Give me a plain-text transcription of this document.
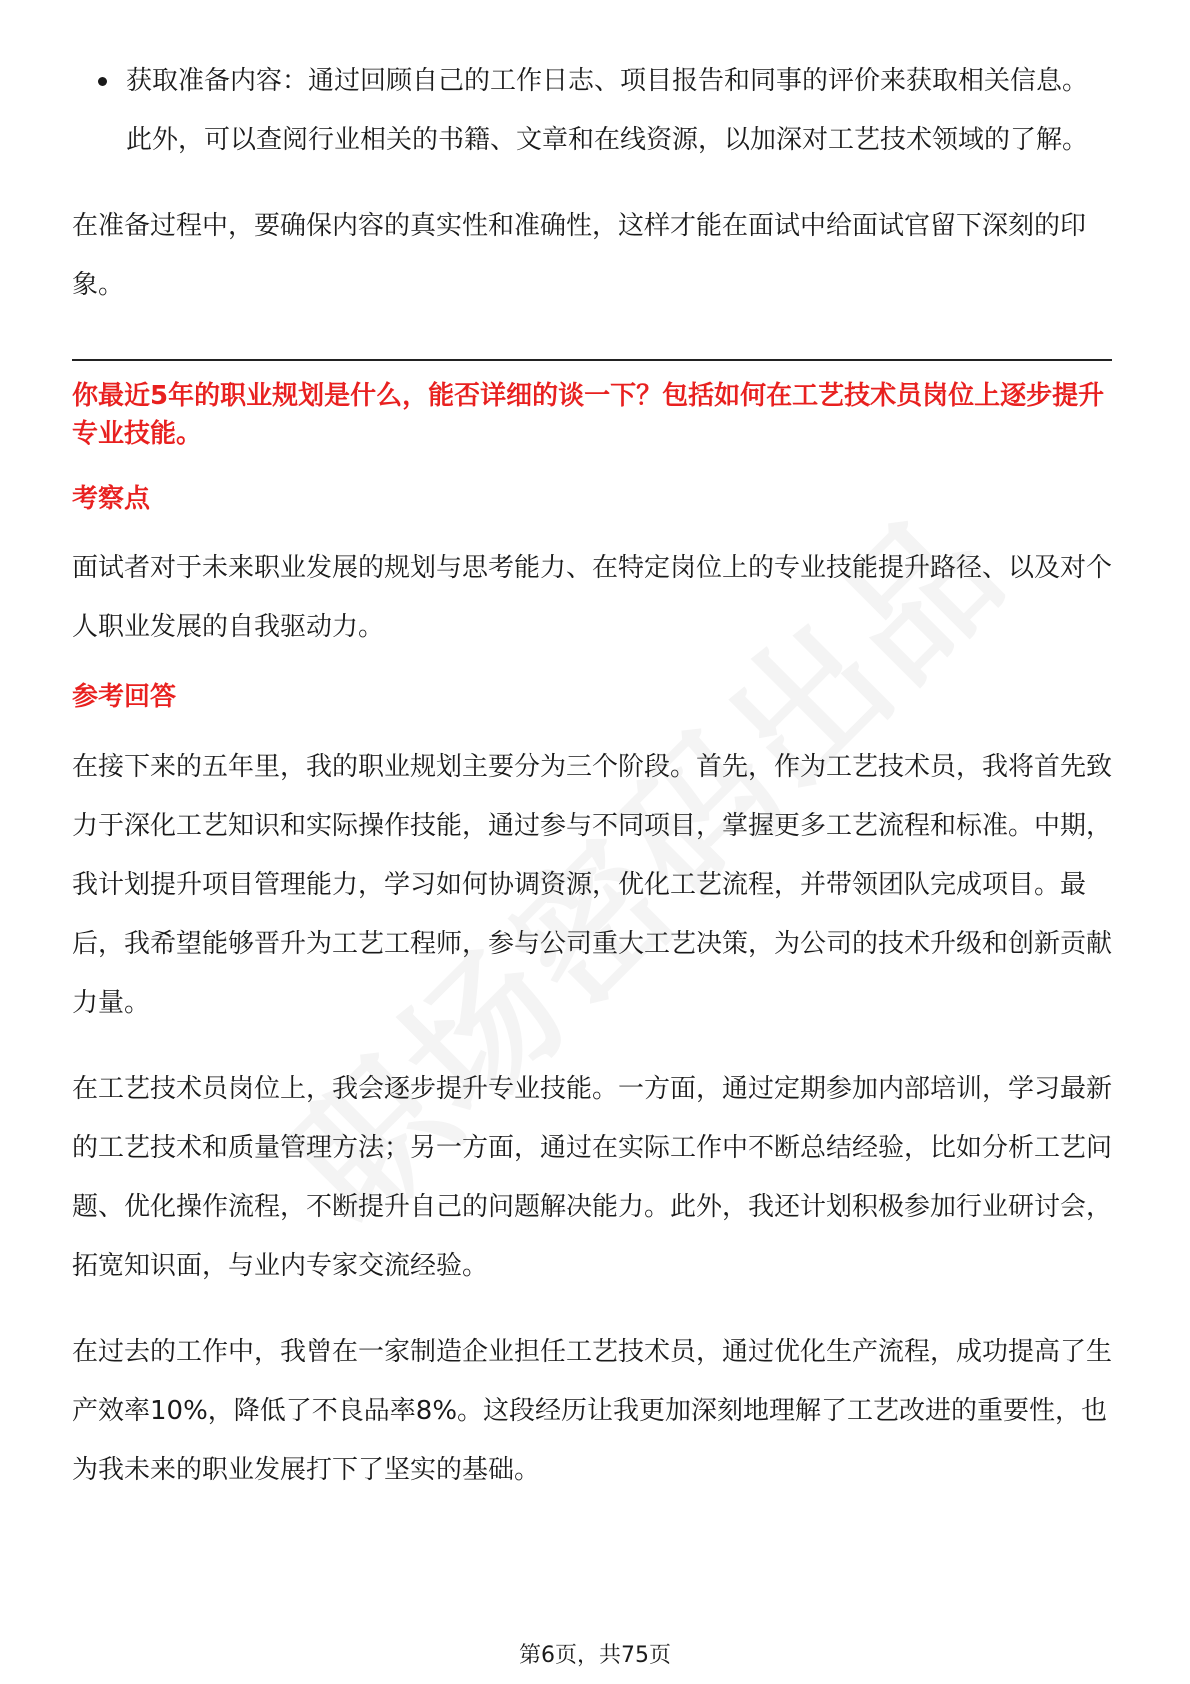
获取准备内容：通过回顾自己的工作日志、项目报告和同事的评价来获取相关信息。此外，可以查阅行业相关的书籍、文章和在线资源，以加深对工艺技术领域的了解。

在准备过程中，要确保内容的真实性和准确性，这样才能在面试中给面试官留下深刻的印象。

你最近5年的职业规划是什么，能否详细的谈一下？包括如何在工艺技术员岗位上逐步提升专业技能。
考察点

面试者对于未来职业发展的规划与思考能力、在特定岗位上的专业技能提升路径、以及对个人职业发展的自我驱动力。

参考回答

在接下来的五年里，我的职业规划主要分为三个阶段。首先，作为工艺技术员，我将首先致力于深化工艺知识和实际操作技能，通过参与不同项目，掌握更多工艺流程和标准。中期，我计划提升项目管理能力，学习如何协调资源，优化工艺流程，并带领团队完成项目。最后，我希望能够晋升为工艺工程师，参与公司重大工艺决策，为公司的技术升级和创新贡献力量。

在工艺技术员岗位上，我会逐步提升专业技能。一方面，通过定期参加内部培训，学习最新的工艺技术和质量管理方法；另一方面，通过在实际工作中不断总结经验，比如分析工艺问题、优化操作流程，不断提升自己的问题解决能力。此外，我还计划积极参加行业研讨会，拓宽知识面，与业内专家交流经验。

在过去的工作中，我曾在一家制造企业担任工艺技术员，通过优化生产流程，成功提高了生产效率10%，降低了不良品率8%。这段经历让我更加深刻地理解了工艺改进的重要性，也为我未来的职业发展打下了坚实的基础。

第6页，共75页
